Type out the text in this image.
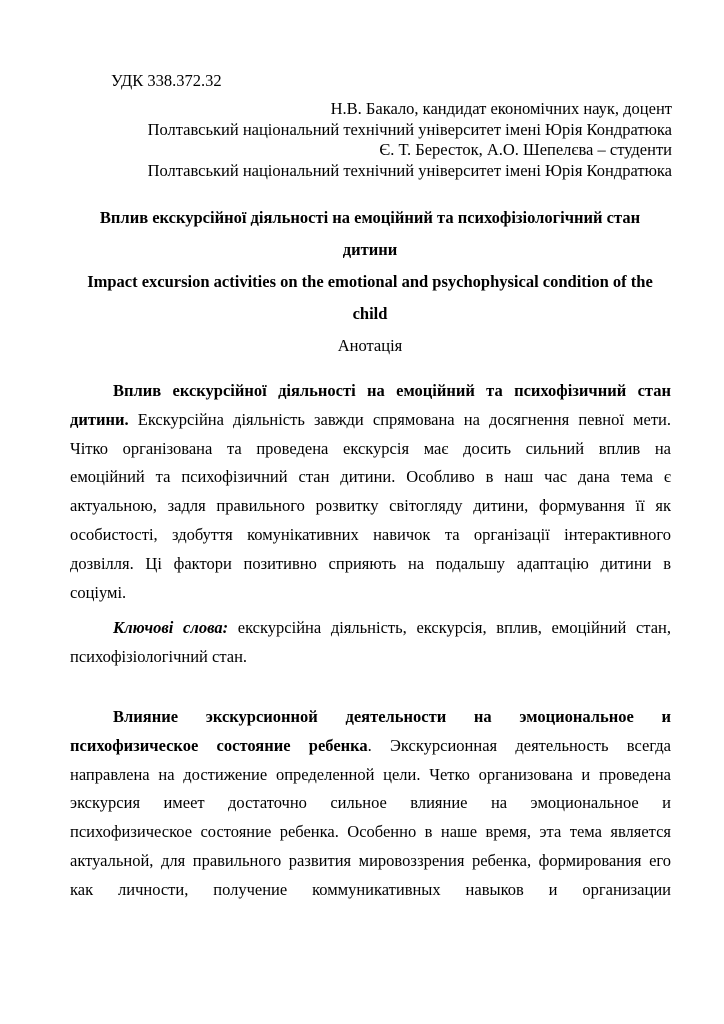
УДК 338.372.32
Н.В. Бакало, кандидат економічних наук, доцент
Полтавський національний технічний університет імені Юрія Кондратюка
Є. Т. Бересток, А.О. Шепелєва – студенти
Полтавський національний технічний університет імені Юрія Кондратюка
Вплив екскурсійної діяльності на емоційний та психофізіологічний стан
дитини
Impact excursion activities on the emotional and psychophysical condition of the
child
Анотація
Вплив екскурсійної діяльності на емоційний та психофізичний стан
дитини. Екскурсійна діяльність завжди спрямована на досягнення певної мети.
Чітко організована та проведена екскурсія має досить сильний вплив на
емоційний та психофізичний стан дитини. Особливо в наш час дана тема є
актуальною, задля правильного розвитку світогляду дитини, формування її як
особистості, здобуття комунікативних навичок та організації інтерактивного
дозвілля. Ці фактори позитивно сприяють на подальшу адаптацію дитини в
соціумі.
Ключові слова: екскурсійна діяльність, екскурсія, вплив, емоційний стан,
психофізіологічний стан.
Влияние экскурсионной деятельности на эмоциональное и
психофизическое состояние ребенка. Экскурсионная деятельность всегда
направлена на достижение определенной цели. Четко организована и проведена
экскурсия имеет достаточно сильное влияние на эмоциональное и
психофизическое состояние ребенка. Особенно в наше время, эта тема является
актуальной, для правильного развития мировоззрения ребенка, формирования его
как личности, получение коммуникативных навыков и организации
